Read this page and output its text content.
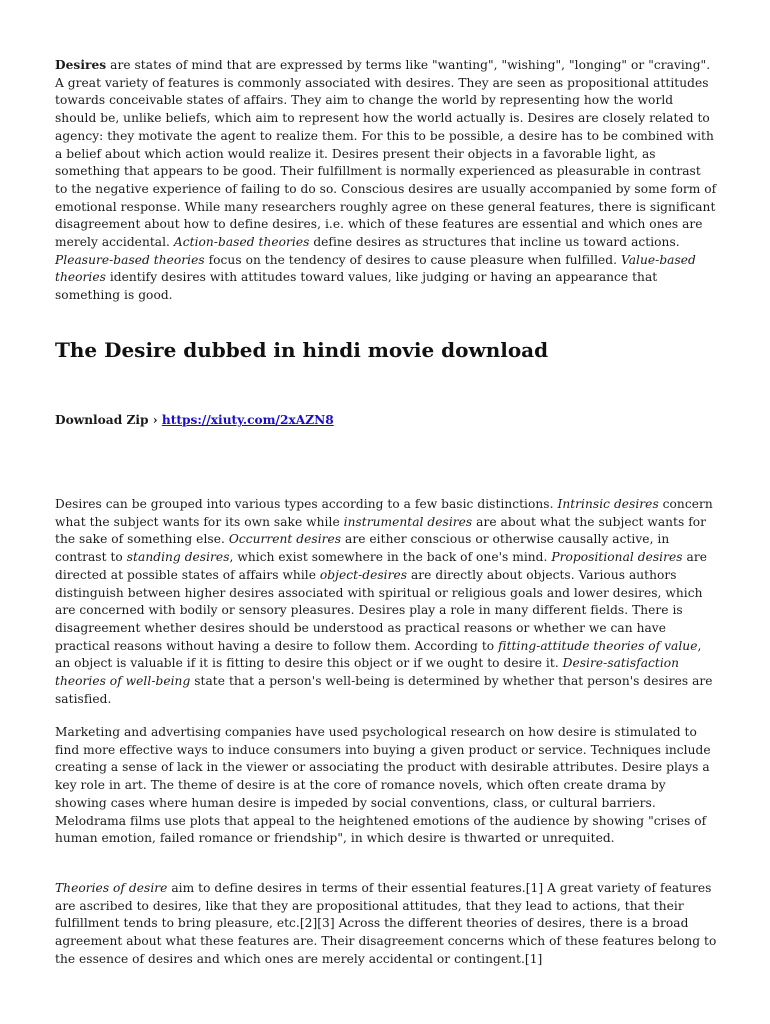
Desires are states of mind that are expressed by terms like "wanting", "wishing", "longing" or "craving". A great variety of features is commonly associated with desires. They are seen as propositional attitudes towards conceivable states of affairs. They aim to change the world by representing how the world should be, unlike beliefs, which aim to represent how the world actually is. Desires are closely related to agency: they motivate the agent to realize them. For this to be possible, a desire has to be combined with a belief about which action would realize it. Desires present their objects in a favorable light, as something that appears to be good. Their fulfillment is normally experienced as pleasurable in contrast to the negative experience of failing to do so. Conscious desires are usually accompanied by some form of emotional response. While many researchers roughly agree on these general features, there is significant disagreement about how to define desires, i.e. which of these features are essential and which ones are merely accidental. Action-based theories define desires as structures that incline us toward actions. Pleasure-based theories focus on the tendency of desires to cause pleasure when fulfilled. Value-based theories identify desires with attitudes toward values, like judging or having an appearance that something is good.

The Desire dubbed in hindi movie download

Download Zip › https://xiuty.com/2xAZN8

Desires can be grouped into various types according to a few basic distinctions. Intrinsic desires concern what the subject wants for its own sake while instrumental desires are about what the subject wants for the sake of something else. Occurrent desires are either conscious or otherwise causally active, in contrast to standing desires, which exist somewhere in the back of one's mind. Propositional desires are directed at possible states of affairs while object-desires are directly about objects. Various authors distinguish between higher desires associated with spiritual or religious goals and lower desires, which are concerned with bodily or sensory pleasures. Desires play a role in many different fields. There is disagreement whether desires should be understood as practical reasons or whether we can have practical reasons without having a desire to follow them. According to fitting-attitude theories of value, an object is valuable if it is fitting to desire this object or if we ought to desire it. Desire-satisfaction theories of well-being state that a person's well-being is determined by whether that person's desires are satisfied.

Marketing and advertising companies have used psychological research on how desire is stimulated to find more effective ways to induce consumers into buying a given product or service. Techniques include creating a sense of lack in the viewer or associating the product with desirable attributes. Desire plays a key role in art. The theme of desire is at the core of romance novels, which often create drama by showing cases where human desire is impeded by social conventions, class, or cultural barriers. Melodrama films use plots that appeal to the heightened emotions of the audience by showing "crises of human emotion, failed romance or friendship", in which desire is thwarted or unrequited.

Theories of desire aim to define desires in terms of their essential features.[1] A great variety of features are ascribed to desires, like that they are propositional attitudes, that they lead to actions, that their fulfillment tends to bring pleasure, etc.[2][3] Across the different theories of desires, there is a broad agreement about what these features are. Their disagreement concerns which of these features belong to the essence of desires and which ones are merely accidental or contingent.[1]
